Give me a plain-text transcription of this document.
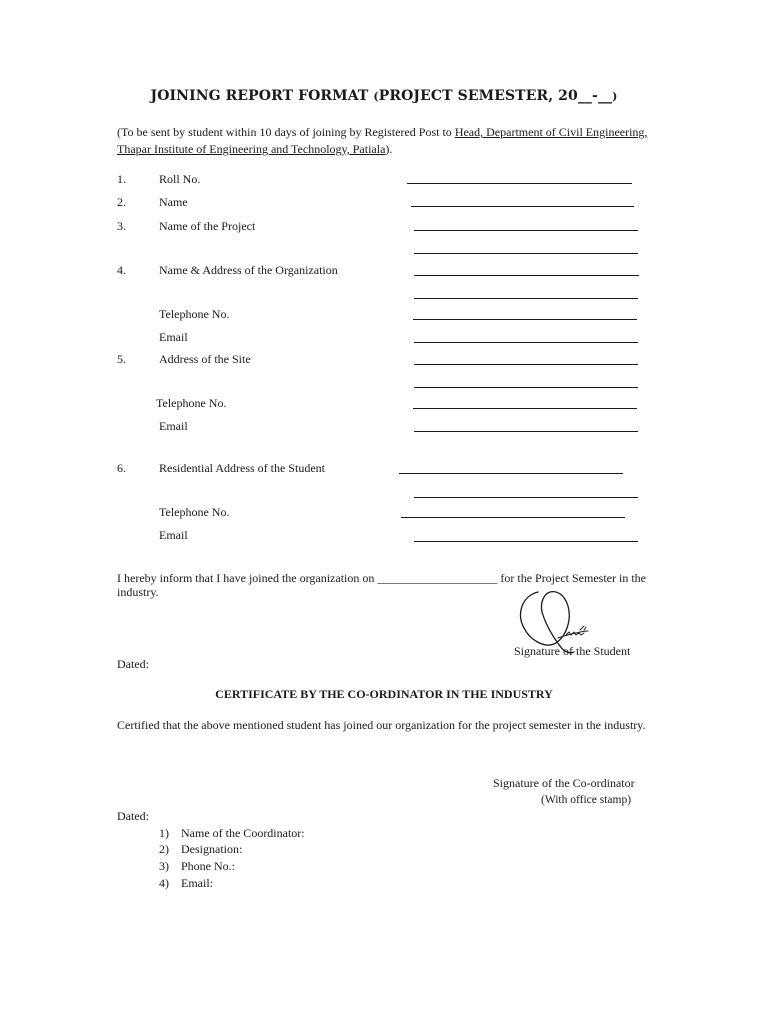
JOINING REPORT FORMAT (PROJECT SEMESTER, 20__-__)
(To be sent by student within 10 days of joining by Registered Post to Head, Department of Civil Engineering,
Thapar Institute of Engineering and Technology, Patiala).
1.	Roll No.
2.	Name
3.	Name of the Project
4.	Name & Address of the Organization
Telephone No.
Email
5.	Address of the Site
Telephone No.
Email
6.	Residential Address of the Student
Telephone No.
Email
I hereby inform that I have joined the organization on ____________________ for the Project Semester in the
industry.
Signature of the Student
Dated:
CERTIFICATE BY THE CO-ORDINATOR IN THE INDUSTRY
Certified that the above mentioned student has joined our organization for the project semester in the industry.
Signature of the Co-ordinator
(With office stamp)
Dated:
1) Name of the Coordinator:
2) Designation:
3) Phone No.:
4) Email:
